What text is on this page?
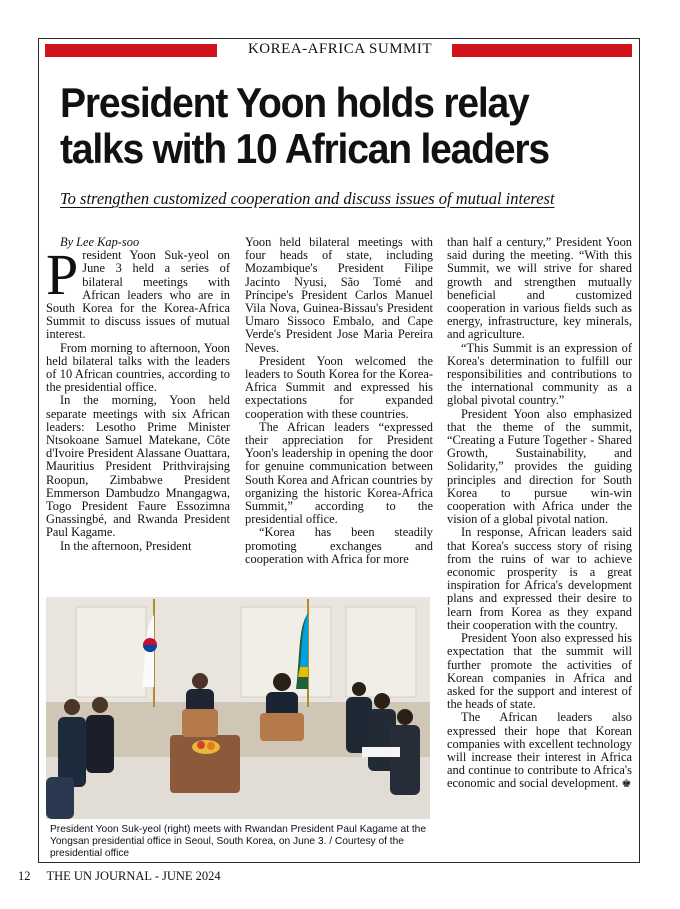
KOREA-AFRICA SUMMIT
President Yoon holds relay
talks with 10 African leaders
To strengthen customized cooperation and discuss issues of mutual interest

By Lee Kap-soo

President Yoon Suk-yeol on June 3 held a series of bilateral meetings with African leaders who are in South Korea for the Korea-Africa Summit to discuss issues of mutual interest.

From morning to afternoon, Yoon held bilateral talks with the leaders of 10 African countries, according to the presidential office.

In the morning, Yoon held separate meetings with six African leaders: Lesotho Prime Minister Ntsokoane Samuel Matekane, Côte d'Ivoire President Alassane Ouattara, Mauritius President Prithvirajsing Roopun, Zimbabwe President Emmerson Dambudzo Mnangagwa, Togo President Faure Essozimna Gnassingbé, and Rwanda President Paul Kagame.

In the afternoon, President

Yoon held bilateral meetings with four heads of state, including Mozambique's President Filipe Jacinto Nyusi, São Tomé and Príncipe's President Carlos Manuel Vila Nova, Guinea-Bissau's President Umaro Sissoco Embalo, and Cape Verde's President Jose Maria Pereira Neves.

President Yoon welcomed the leaders to South Korea for the Korea-Africa Summit and expressed his expectations for expanded cooperation with these countries.

The African leaders “expressed their appreciation for President Yoon's leadership in opening the door for genuine communication between South Korea and African countries by organizing the historic Korea-Africa Summit,” according to the presidential office.

“Korea has been steadily promoting exchanges and cooperation with Africa for more

than half a century,” President Yoon said during the meeting. “With this Summit, we will strive for shared growth and strengthen mutually beneficial and customized cooperation in various fields such as energy, infrastructure, key minerals, and agriculture.

“This Summit is an expression of Korea's determination to fulfill our responsibilities and contributions to the international community as a global pivotal country.”

President Yoon also emphasized that the theme of the summit, “Creating a Future Together - Shared Growth, Sustainability, and Solidarity,” provides the guiding principles and direction for South Korea to pursue win-win cooperation with Africa under the vision of a global pivotal nation.

In response, African leaders said that Korea's success story of rising from the ruins of war to achieve economic prosperity is a great inspiration for Africa's development plans and expressed their desire to learn from Korea as they expand their cooperation with the country.

President Yoon also expressed his expectation that the summit will further promote the activities of Korean companies in Africa and asked for the support and interest of the heads of state.

The African leaders also expressed their hope that Korean companies with excellent technology will increase their interest in Africa and continue to contribute to Africa's economic and social development. ♚

President Yoon Suk-yeol (right) meets with Rwandan President Paul Kagame at the Yongsan presidential office in Seoul, South Korea, on June 3. / Courtesy of the presidential office
12 THE UN JOURNAL - JUNE 2024
